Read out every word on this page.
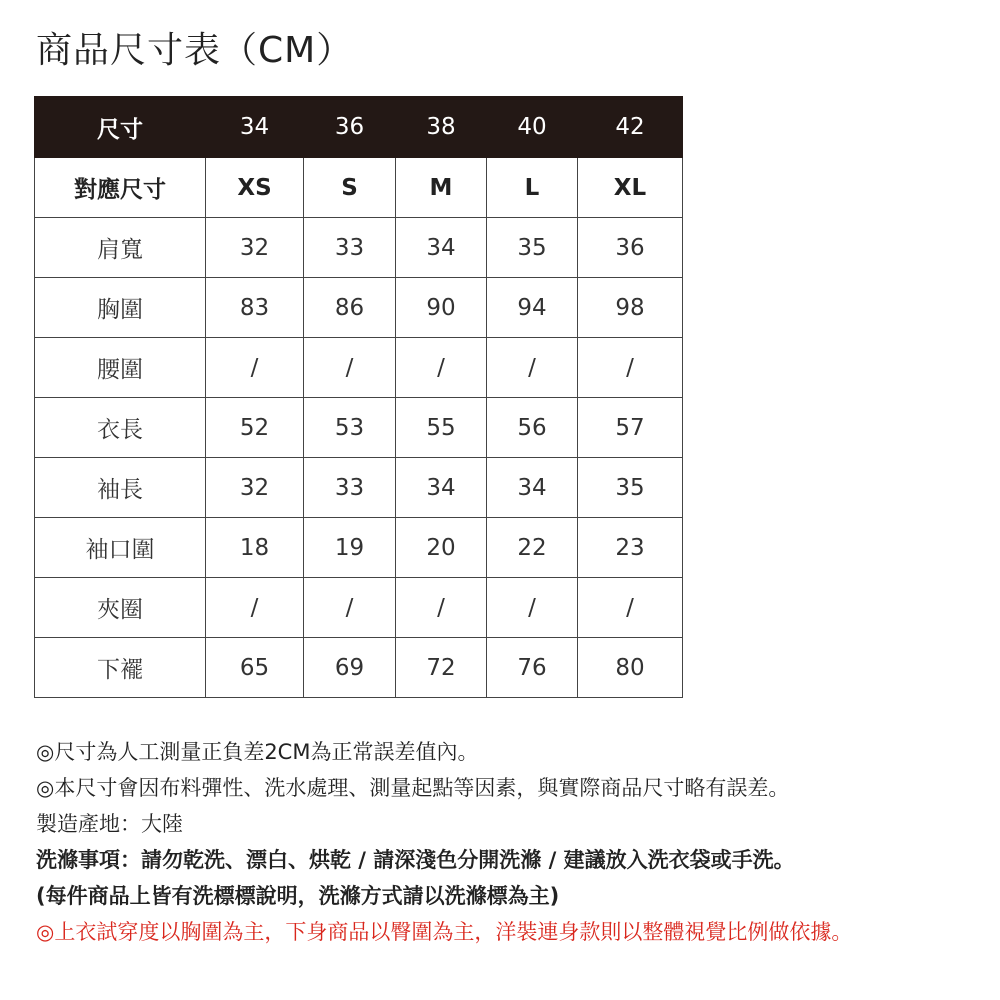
商品尺寸表（CM）
尺寸	34	36	38	40	42
對應尺寸	XS	S	M	L	XL
肩寬	32	33	34	35	36
胸圍	83	86	90	94	98
腰圍	/	/	/	/	/
衣長	52	53	55	56	57
袖長	32	33	34	34	35
袖口圍	18	19	20	22	23
夾圈	/	/	/	/	/
下襬	65	69	72	76	80

◎尺寸為人工測量正負差2CM為正常誤差值內。

◎本尺寸會因布料彈性、洗水處理、測量起點等因素，與實際商品尺寸略有誤差。

製造產地：大陸

洗滌事項：請勿乾洗、漂白、烘乾 / 請深淺色分開洗滌 / 建議放入洗衣袋或手洗。

(每件商品上皆有洗標標說明，洗滌方式請以洗滌標為主)

◎上衣試穿度以胸圍為主，下身商品以臀圍為主，洋裝連身款則以整體視覺比例做依據。
